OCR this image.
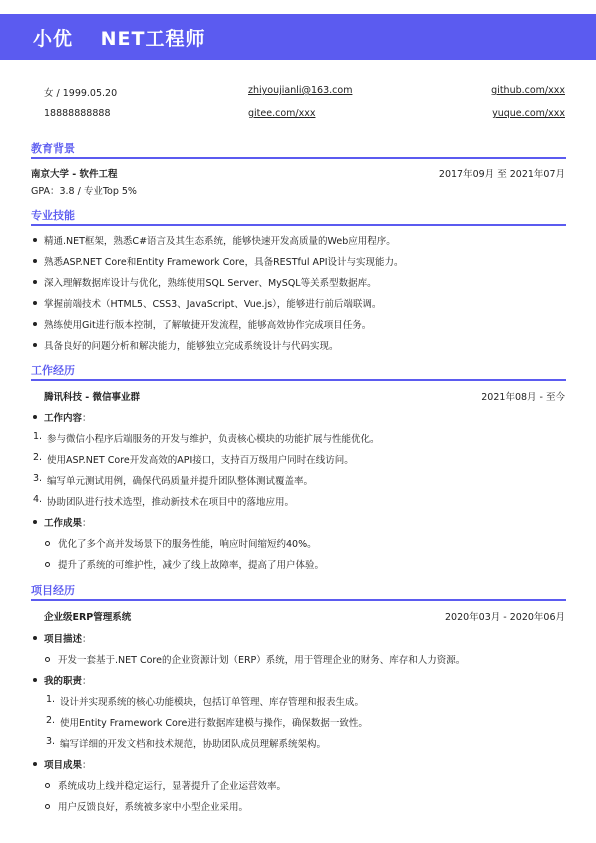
小优　 NET工程师
女 / 1999.05.20	zhiyoujianli@163.com	github.com/xxx
18888888888	gitee.com/xxx	yuque.com/xxx
教育背景
南京大学 - 软件工程	2017年09月 至 2021年07月
GPA：3.8 / 专业Top 5%
专业技能
精通.NET框架，熟悉C#语言及其生态系统，能够快速开发高质量的Web应用程序。
熟悉ASP.NET Core和Entity Framework Core，具备RESTful API设计与实现能力。
深入理解数据库设计与优化，熟练使用SQL Server、MySQL等关系型数据库。
掌握前端技术（HTML5、CSS3、JavaScript、Vue.js），能够进行前后端联调。
熟练使用Git进行版本控制，了解敏捷开发流程，能够高效协作完成项目任务。
具备良好的问题分析和解决能力，能够独立完成系统设计与代码实现。
工作经历
腾讯科技 - 微信事业群	2021年08月 - 至今
工作内容：
1. 参与微信小程序后端服务的开发与维护，负责核心模块的功能扩展与性能优化。
2. 使用ASP.NET Core开发高效的API接口，支持百万级用户同时在线访问。
3. 编写单元测试用例，确保代码质量并提升团队整体测试覆盖率。
4. 协助团队进行技术选型，推动新技术在项目中的落地应用。
工作成果：
优化了多个高并发场景下的服务性能，响应时间缩短约40%。
提升了系统的可维护性，减少了线上故障率，提高了用户体验。
项目经历
企业级ERP管理系统	2020年03月 - 2020年06月
项目描述：
开发一套基于.NET Core的企业资源计划（ERP）系统，用于管理企业的财务、库存和人力资源。
我的职责：
1. 设计并实现系统的核心功能模块，包括订单管理、库存管理和报表生成。
2. 使用Entity Framework Core进行数据库建模与操作，确保数据一致性。
3. 编写详细的开发文档和技术规范，协助团队成员理解系统架构。
项目成果：
系统成功上线并稳定运行，显著提升了企业运营效率。
用户反馈良好，系统被多家中小型企业采用。
